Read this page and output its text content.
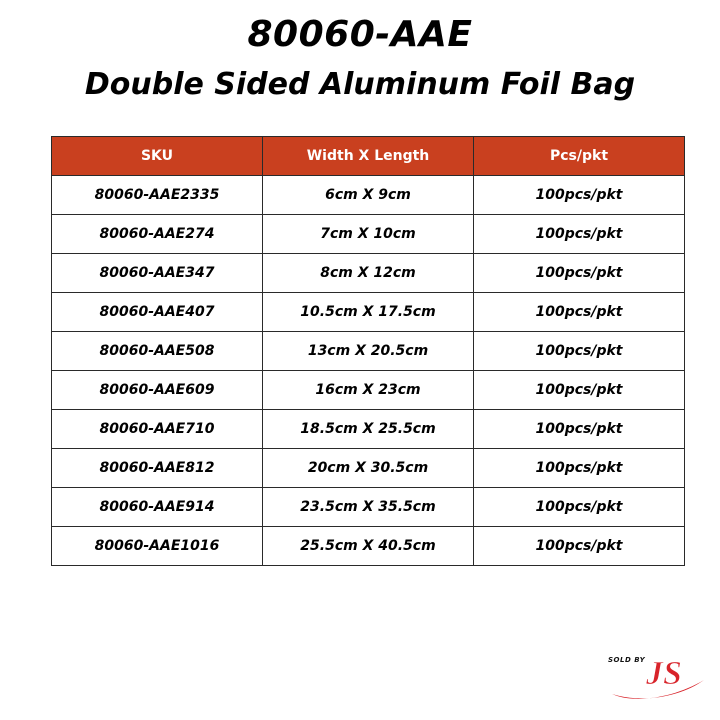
80060-AAE
Double Sided Aluminum Foil Bag
SKU	Width X Length	Pcs/pkt
80060-AAE2335	6cm X 9cm	100pcs/pkt
80060-AAE274	7cm X 10cm	100pcs/pkt
80060-AAE347	8cm X 12cm	100pcs/pkt
80060-AAE407	10.5cm X 17.5cm	100pcs/pkt
80060-AAE508	13cm X 20.5cm	100pcs/pkt
80060-AAE609	16cm X 23cm	100pcs/pkt
80060-AAE710	18.5cm X 25.5cm	100pcs/pkt
80060-AAE812	20cm X 30.5cm	100pcs/pkt
80060-AAE914	23.5cm X 35.5cm	100pcs/pkt
80060-AAE1016	25.5cm X 40.5cm	100pcs/pkt
JS
SOLD BY
